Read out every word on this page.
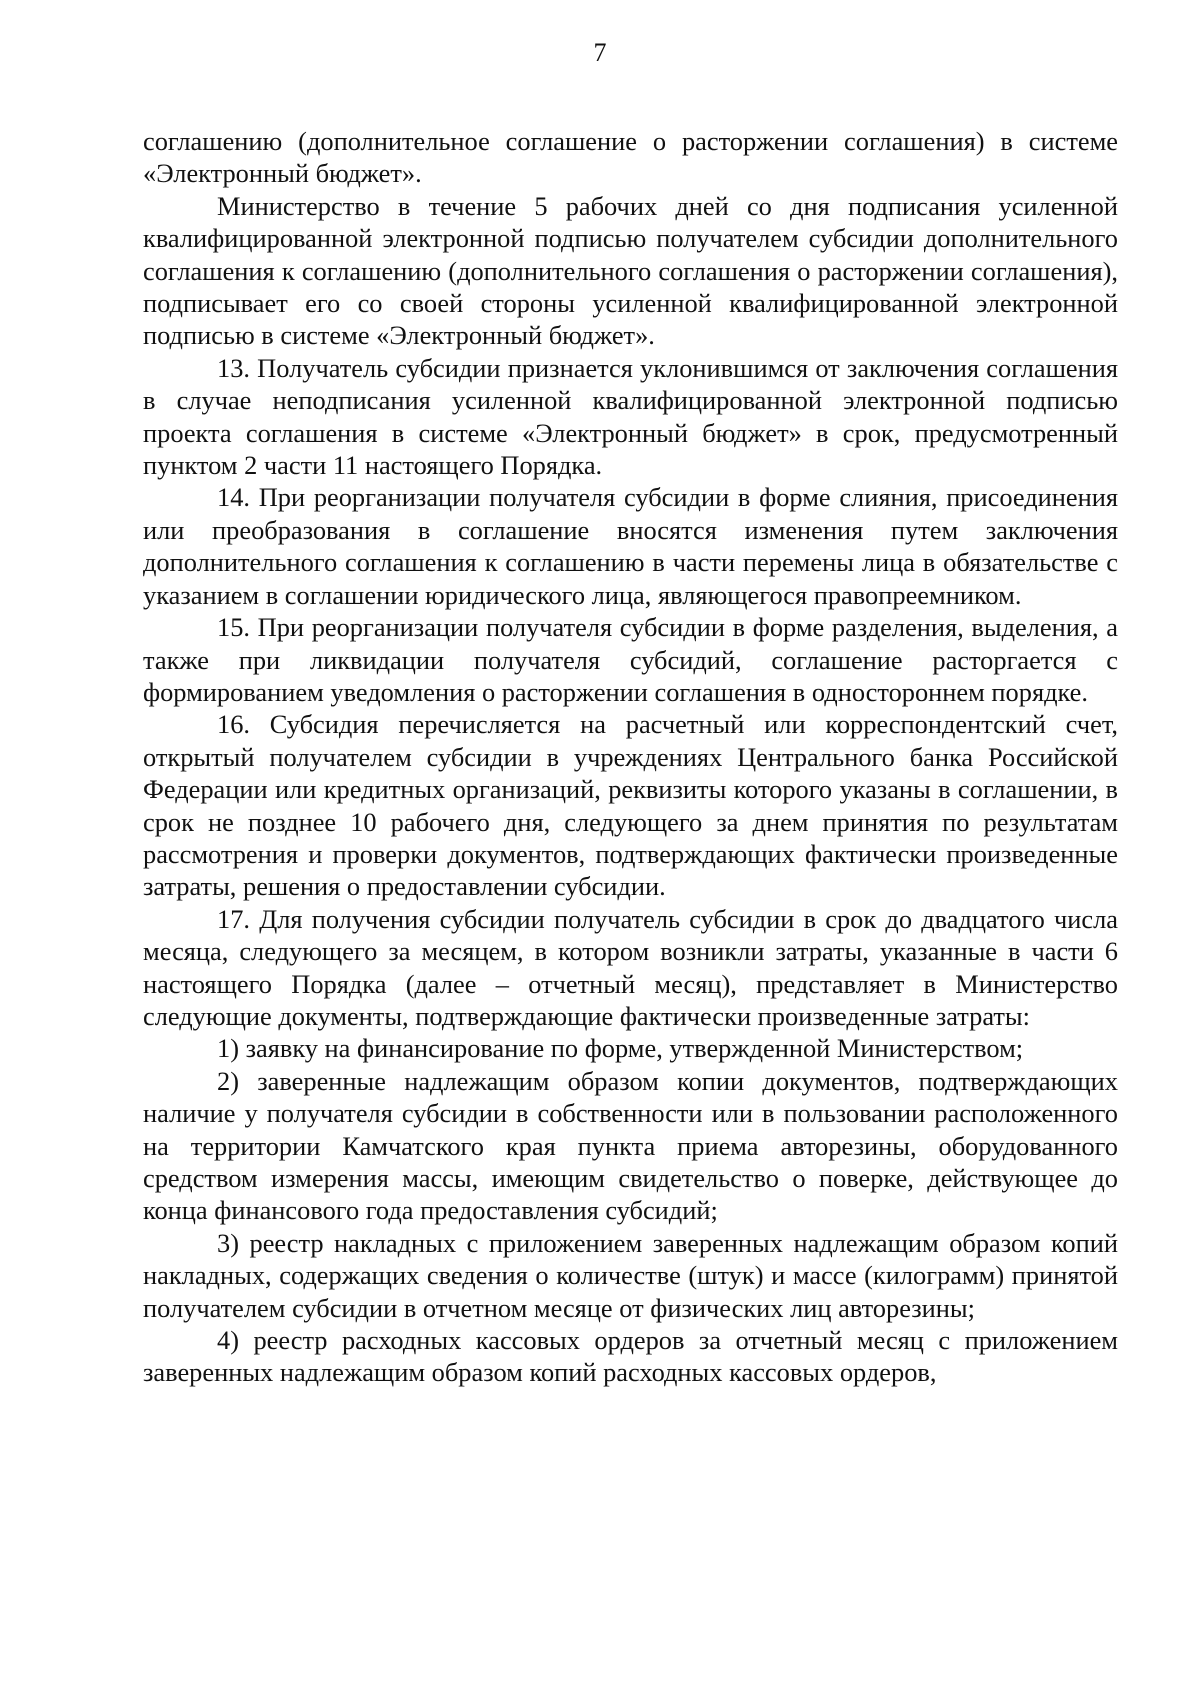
7

соглашению (дополнительное соглашение о расторжении соглашения) в системе «Электронный бюджет».

Министерство в течение 5 рабочих дней со дня подписания усиленной квалифицированной электронной подписью получателем субсидии дополнительного соглашения к соглашению (дополнительного соглашения о расторжении соглашения), подписывает его со своей стороны усиленной квалифицированной электронной подписью в системе «Электронный бюджет».

13. Получатель субсидии признается уклонившимся от заключения соглашения в случае неподписания усиленной квалифицированной электронной подписью проекта соглашения в системе «Электронный бюджет» в срок, предусмотренный пунктом 2 части 11 настоящего Порядка.

14. При реорганизации получателя субсидии в форме слияния, присоединения или преобразования в соглашение вносятся изменения путем заключения дополнительного соглашения к соглашению в части перемены лица в обязательстве с указанием в соглашении юридического лица, являющегося правопреемником.

15. При реорганизации получателя субсидии в форме разделения, выделения, а также при ликвидации получателя субсидий, соглашение расторгается с формированием уведомления о расторжении соглашения в одностороннем порядке.

16. Субсидия перечисляется на расчетный или корреспондентский счет, открытый получателем субсидии в учреждениях Центрального банка Российской Федерации или кредитных организаций, реквизиты которого указаны в соглашении, в срок не позднее 10 рабочего дня, следующего за днем принятия по результатам рассмотрения и проверки документов, подтверждающих фактически произведенные затраты, решения о предоставлении субсидии.

17. Для получения субсидии получатель субсидии в срок до двадцатого числа месяца, следующего за месяцем, в котором возникли затраты, указанные в части 6 настоящего Порядка (далее – отчетный месяц), представляет в Министерство следующие документы, подтверждающие фактически произведенные затраты:

1) заявку на финансирование по форме, утвержденной Министерством;

2) заверенные надлежащим образом копии документов, подтверждающих наличие у получателя субсидии в собственности или в пользовании расположенного на территории Камчатского края пункта приема авторезины, оборудованного средством измерения массы, имеющим свидетельство о поверке, действующее до конца финансового года предоставления субсидий;

3) реестр накладных с приложением заверенных надлежащим образом копий накладных, содержащих сведения о количестве (штук) и массе (килограмм) принятой получателем субсидии в отчетном месяце от физических лиц авторезины;

4) реестр расходных кассовых ордеров за отчетный месяц с приложением заверенных надлежащим образом копий расходных кассовых ордеров,
